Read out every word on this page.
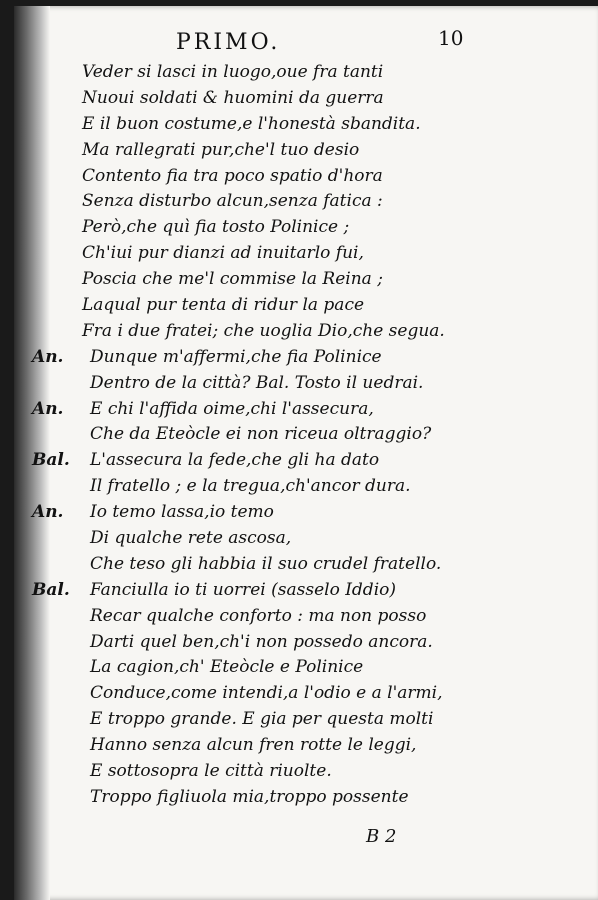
PRIMO.	10
Veder si lasci in luogo,oue fra tanti
Nuoui soldati & huomini da guerra
E il buon costume,e l'honestà sbandita.
Ma rallegrati pur,che'l tuo desio
Contento fia tra poco spatio d'hora
Senza disturbo alcun,senza fatica :
Però,che quì fia tosto Polinice ;
Ch'iui pur dianzi ad inuitarlo fui,
Poscia che me'l commise la Reina ;
Laqual pur tenta di ridur la pace
Fra i due fratei; che uoglia Dio,che segua.
An. Dunque m'affermi,che fia Polinice
Dentro de la città? Bal. Tosto il uedrai.
An. E chi l'affida oime,chi l'assecura,
Che da Eteòcle ei non riceua oltraggio?
Bal. L'assecura la fede,che gli ha dato
Il fratello ; e la tregua,ch'ancor dura.
An. Io temo lassa,io temo
Di qualche rete ascosa,
Che teso gli habbia il suo crudel fratello.
Bal. Fanciulla io ti uorrei (sasselo Iddio)
Recar qualche conforto : ma non posso
Darti quel ben,ch'i non possedo ancora.
La cagion,ch' Eteòcle e Polinice
Conduce,come intendi,a l'odio e a l'armi,
E troppo grande. E gia per questa molti
Hanno senza alcun fren rotte le leggi,
E sottosopra le città riuolte.
Troppo figliuola mia,troppo possente
B 2
